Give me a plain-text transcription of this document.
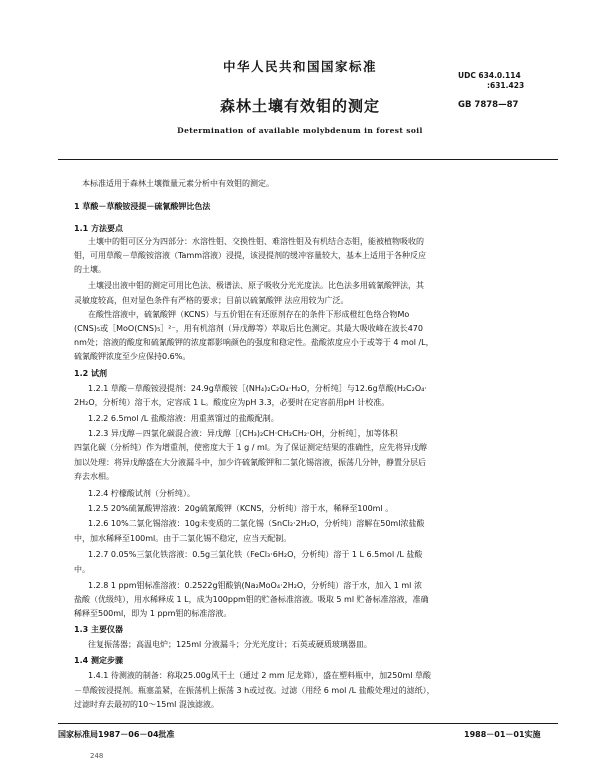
中华人民共和国国家标准
UDC 634.0.114
:631.423
森林土壤有效钼的测定	GB 7878—87
Determination of available molybdenum in forest soil
本标准适用于森林土壤微量元素分析中有效钼的测定。
1 草酸－草酸铵浸提－硫氰酸钾比色法
1.1 方法要点
土壤中的钼可区分为四部分：水溶性钼、交换性钼、难溶性钼及有机结合态钼，能被植物吸收的
钼，可用草酸－草酸铵溶液（Tamm溶液）浸提，该浸提剂的缓冲容量较大，基本上适用于各种反应
的土壤。
土壤浸出液中钼的测定可用比色法、极谱法、原子吸收分光光度法。比色法多用硫氰酸钾法，其
灵敏度较高，但对显色条件有严格的要求；目前以硫氰酸钾 法应用较为广泛。
在酸性溶液中，硫氰酸钾（KCNS）与五价钼在有还原剂存在的条件下形成橙红色络合物Mo
(CNS)₅或［MoO(CNS)₅］²⁻，用有机溶剂（异戊醇等）萃取后比色测定。其最大吸收峰在波长470
nm处；溶液的酸度和硫氰酸钾的浓度都影响颜色的强度和稳定性。盐酸浓度应小于或等于 4 mol /L，
硫氰酸钾浓度至少应保持0.6%。
1.2 试剂
1.2.1 草酸－草酸铵浸提剂：24.9g草酸铵［(NH₄)₂C₂O₄·H₂O，分析纯］与12.6g草酸(H₂C₂O₄·
2H₂O，分析纯）溶于水，定容成 1 L。酸度应为pH 3.3，必要时在定容前用pH 计校准。
1.2.2 6.5mol /L 盐酸溶液：用重蒸馏过的盐酸配制。
1.2.3 异戊醇－四氯化碳混合液：异戊醇［(CH₃)₂CH·CH₂CH₂·OH，分析纯］，加等体积
四氯化碳（分析纯）作为增重剂，使密度大于 1 g / ml。为了保证测定结果的准确性，应先将异戊醇
加以处理：将异戊醇盛在大分液漏斗中，加少许硫氰酸钾和二氯化锡溶液，振荡几分钟，静置分层后
弃去水相。
1.2.4 柠檬酸试剂（分析纯）。
1.2.5 20%硫氰酸钾溶液：20g硫氰酸钾（KCNS，分析纯）溶于水，稀释至100ml 。
1.2.6 10%二氯化锡溶液：10g未变质的二氯化锡（SnCl₂·2H₂O，分析纯）溶解在50ml浓盐酸
中，加水稀释至100ml。由于二氯化锡不稳定，应当天配制。
1.2.7 0.05%三氯化铁溶液：0.5g三氯化铁（FeCl₃·6H₂O，分析纯）溶于 1 L 6.5mol /L 盐酸
中。
1.2.8 1 ppm钼标准溶液：0.2522g钼酸钠(Na₂MoO₄·2H₂O，分析纯）溶于水，加入 1 ml 浓
盐酸（优级纯），用水稀释成 1 L，成为100ppm钼的贮备标准溶液。吸取 5 ml 贮备标准溶液，准确
稀释至500ml，即为 1 ppm钼的标准溶液。
1.3 主要仪器
往复振荡器；高温电炉；125ml 分液漏斗；分光光度计；石英或硬质玻璃器皿。
1.4 测定步骤
1.4.1 待测液的制备：称取25.00g风干土（通过 2 mm 尼龙筛），盛在塑料瓶中，加250ml 草酸
－草酸铵浸提剂。瓶塞盖紧，在振荡机上振荡 3 h或过夜。过滤（用经 6 mol /L 盐酸处理过的滤纸），
过滤时弃去最初的10～15ml 混浊滤液。
国家标准局1987－06－04批准	1988－01－01实施
248
